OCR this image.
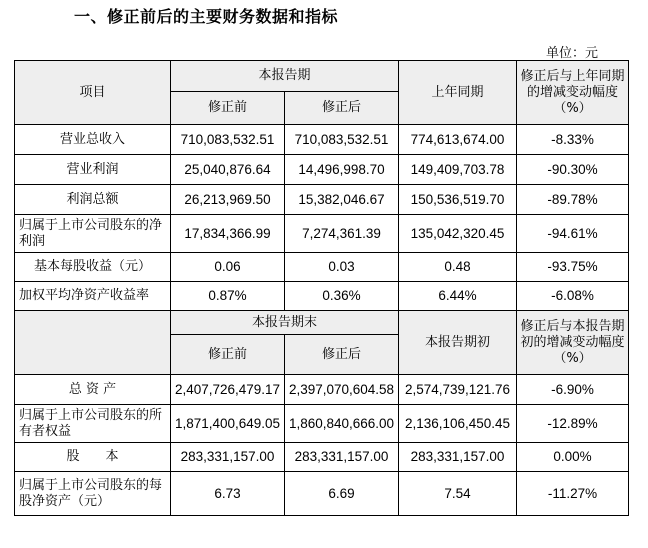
一、修正前后的主要财务数据和指标
单位：元
项目	本报告期		上年同期	修正后与上年同期的增减变动幅度（%）
	修正前	修正后		
营业总收入	710,083,532.51	710,083,532.51	774,613,674.00	-8.33%
营业利润	25,040,876.64	14,496,998.70	149,409,703.78	-90.30%
利润总额	26,213,969.50	15,382,046.67	150,536,519.70	-89.78%
归属于上市公司股东的净利润	17,834,366.99	7,274,361.39	135,042,320.45	-94.61%
基本每股收益（元）	0.06	0.03	0.48	-93.75%
加权平均净资产收益率	0.87%	0.36%	6.44%	-6.08%
	本报告期末		本报告期初	修正后与本报告期初的增减变动幅度（%）
	修正前	修正后		
总 资 产	2,407,726,479.17	2,397,070,604.58	2,574,739,121.76	-6.90%
归属于上市公司股东的所有者权益	1,871,400,649.05	1,860,840,666.00	2,136,106,450.45	-12.89%
股　　本	283,331,157.00	283,331,157.00	283,331,157.00	0.00%
归属于上市公司股东的每股净资产（元）	6.73	6.69	7.54	-11.27%
